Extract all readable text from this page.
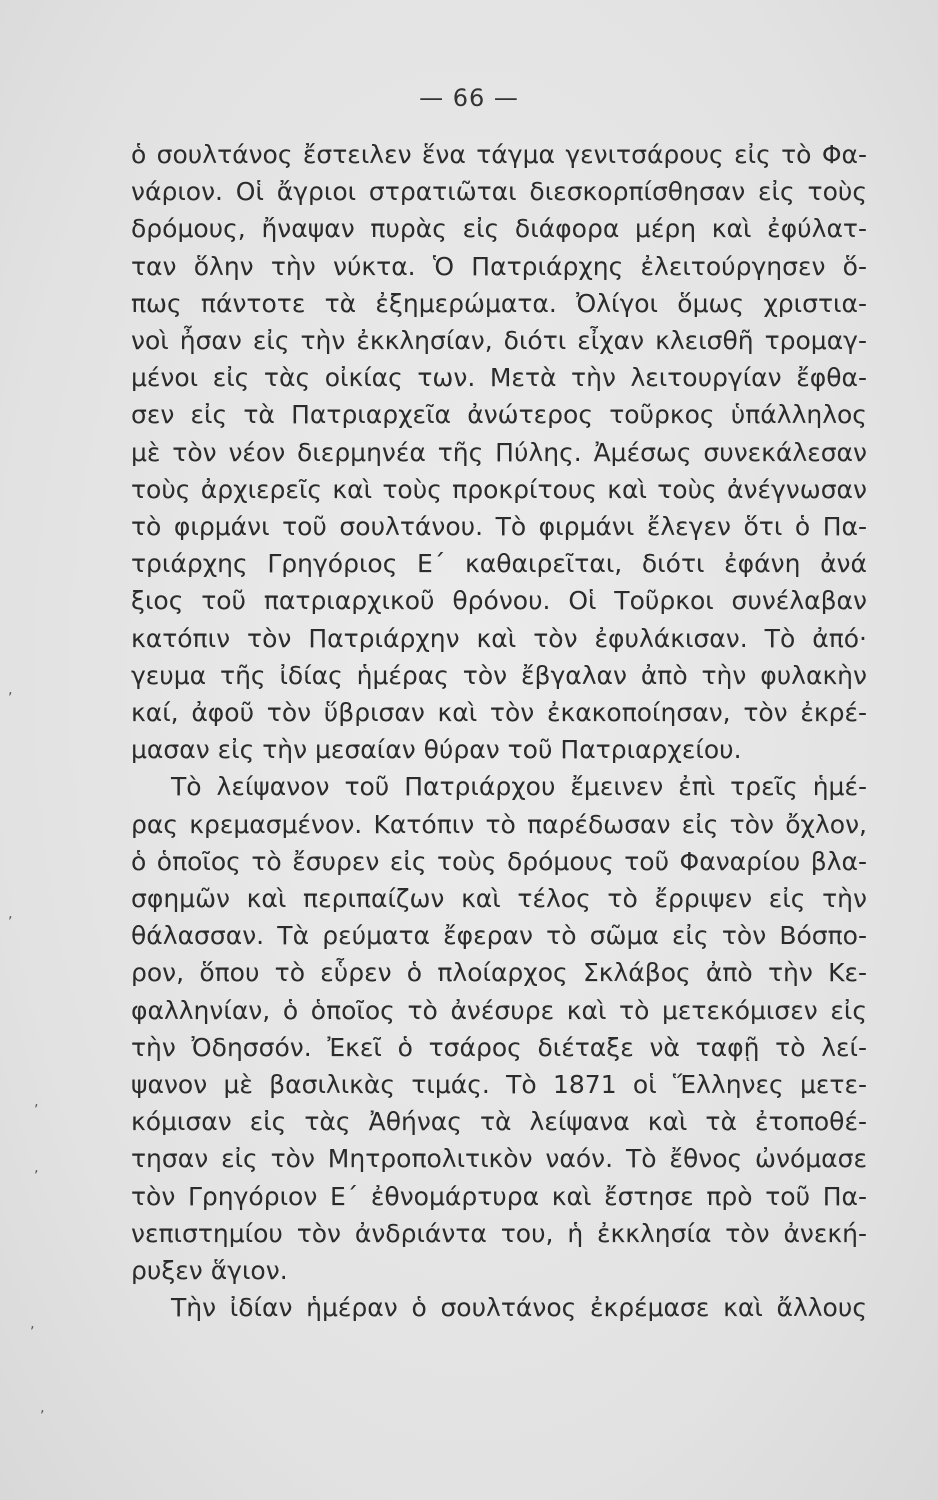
— 66 —
ὁ σουλτάνος ἔστειλεν ἕνα τάγμα γενιτσάρους εἰς τὸ Φα-
νάριον. Οἱ ἄγριοι στρατιῶται διεσκορπίσθησαν εἰς τοὺς
δρόμους, ἤναψαν πυρὰς εἰς διάφορα μέρη καὶ ἐφύλατ-
ταν ὅλην τὴν νύκτα. Ὁ Πατριάρχης ἐλειτούργησεν ὅ-
πως πάντοτε τὰ ἐξημερώματα. Ὀλίγοι ὅμως χριστια-
νοὶ ἦσαν εἰς τὴν ἐκκλησίαν, διότι εἶχαν κλεισθῆ τρομαγ-
μένοι εἰς τὰς οἰκίας των. Μετὰ τὴν λειτουργίαν ἔφθα-
σεν εἰς τὰ Πατριαρχεῖα ἀνώτερος τοῦρκος ὑπάλληλος
μὲ τὸν νέον διερμηνέα τῆς Πύλης. Ἀμέσως συνεκάλεσαν
τοὺς ἀρχιερεῖς καὶ τοὺς προκρίτους καὶ τοὺς ἀνέγνωσαν
τὸ φιρμάνι τοῦ σουλτάνου. Τὸ φιρμάνι ἔλεγεν ὅτι ὁ Πα-
τριάρχης Γρηγόριος Ε΄ καθαιρεῖται, διότι ἐφάνη ἀνά
ξιος τοῦ πατριαρχικοῦ θρόνου. Οἱ Τοῦρκοι συνέλαβαν
κατόπιν τὸν Πατριάρχην καὶ τὸν ἐφυλάκισαν. Τὸ ἀπό·
γευμα τῆς ἰδίας ἡμέρας τὸν ἔβγαλαν ἀπὸ τὴν φυλακὴν
καί, ἀφοῦ τὸν ὕβρισαν καὶ τὸν ἐκακοποίησαν, τὸν ἐκρέ-
μασαν εἰς τὴν μεσαίαν θύραν τοῦ Πατριαρχείου.
Τὸ λείψανον τοῦ Πατριάρχου ἔμεινεν ἐπὶ τρεῖς ἡμέ-
ρας κρεμασμένον. Κατόπιν τὸ παρέδωσαν εἰς τὸν ὄχλον,
ὁ ὁποῖος τὸ ἔσυρεν εἰς τοὺς δρόμους τοῦ Φαναρίου βλα-
σφημῶν καὶ περιπαίζων καὶ τέλος τὸ ἔρριψεν εἰς τὴν
θάλασσαν. Τὰ ρεύματα ἔφεραν τὸ σῶμα εἰς τὸν Βόσπο-
ρον, ὅπου τὸ εὗρεν ὁ πλοίαρχος Σκλάβος ἀπὸ τὴν Κε-
φαλληνίαν, ὁ ὁποῖος τὸ ἀνέσυρε καὶ τὸ μετεκόμισεν εἰς
τὴν Ὀδησσόν. Ἐκεῖ ὁ τσάρος διέταξε νὰ ταφῇ τὸ λεί-
ψανον μὲ βασιλικὰς τιμάς. Τὸ 1871 οἱ Ἕλληνες μετε-
κόμισαν εἰς τὰς Ἀθήνας τὰ λείψανα καὶ τὰ ἐτοποθέ-
τησαν εἰς τὸν Μητροπολιτικὸν ναόν. Τὸ ἔθνος ὠνόμασε
τὸν Γρηγόριον Ε΄ ἐθνομάρτυρα καὶ ἔστησε πρὸ τοῦ Πα-
νεπιστημίου τὸν ἀνδριάντα του, ἡ ἐκκλησία τὸν ἀνεκή-
ρυξεν ἅγιον.
Τὴν ἰδίαν ἡμέραν ὁ σουλτάνος ἐκρέμασε καὶ ἄλλους
‚
‚
‚
‚
‚
‚
